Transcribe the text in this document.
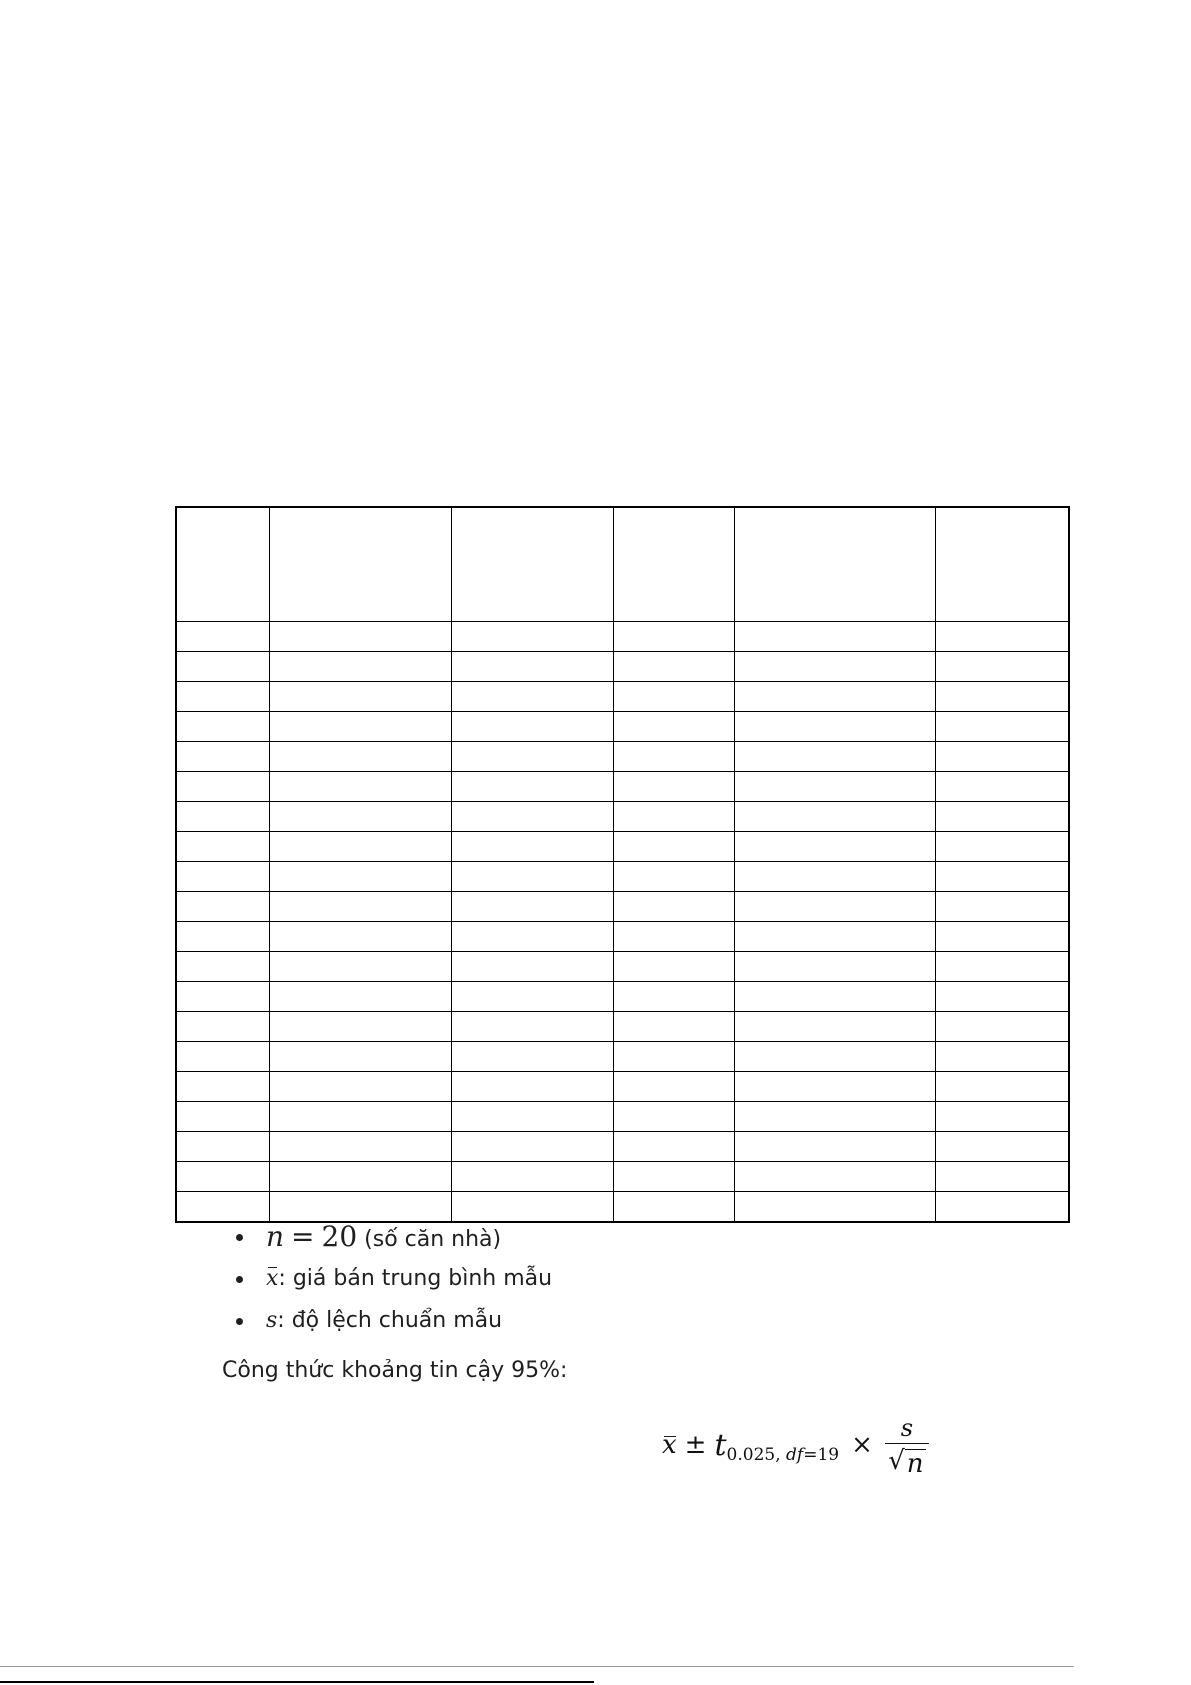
n = 20 (số căn nhà)
x: giá bán trung bình mẫu
s: độ lệch chuẩn mẫu
Công thức khoảng tin cậy 95%:
x ± t 0.025, $df=19 \times \frac{s}{√ n}$
